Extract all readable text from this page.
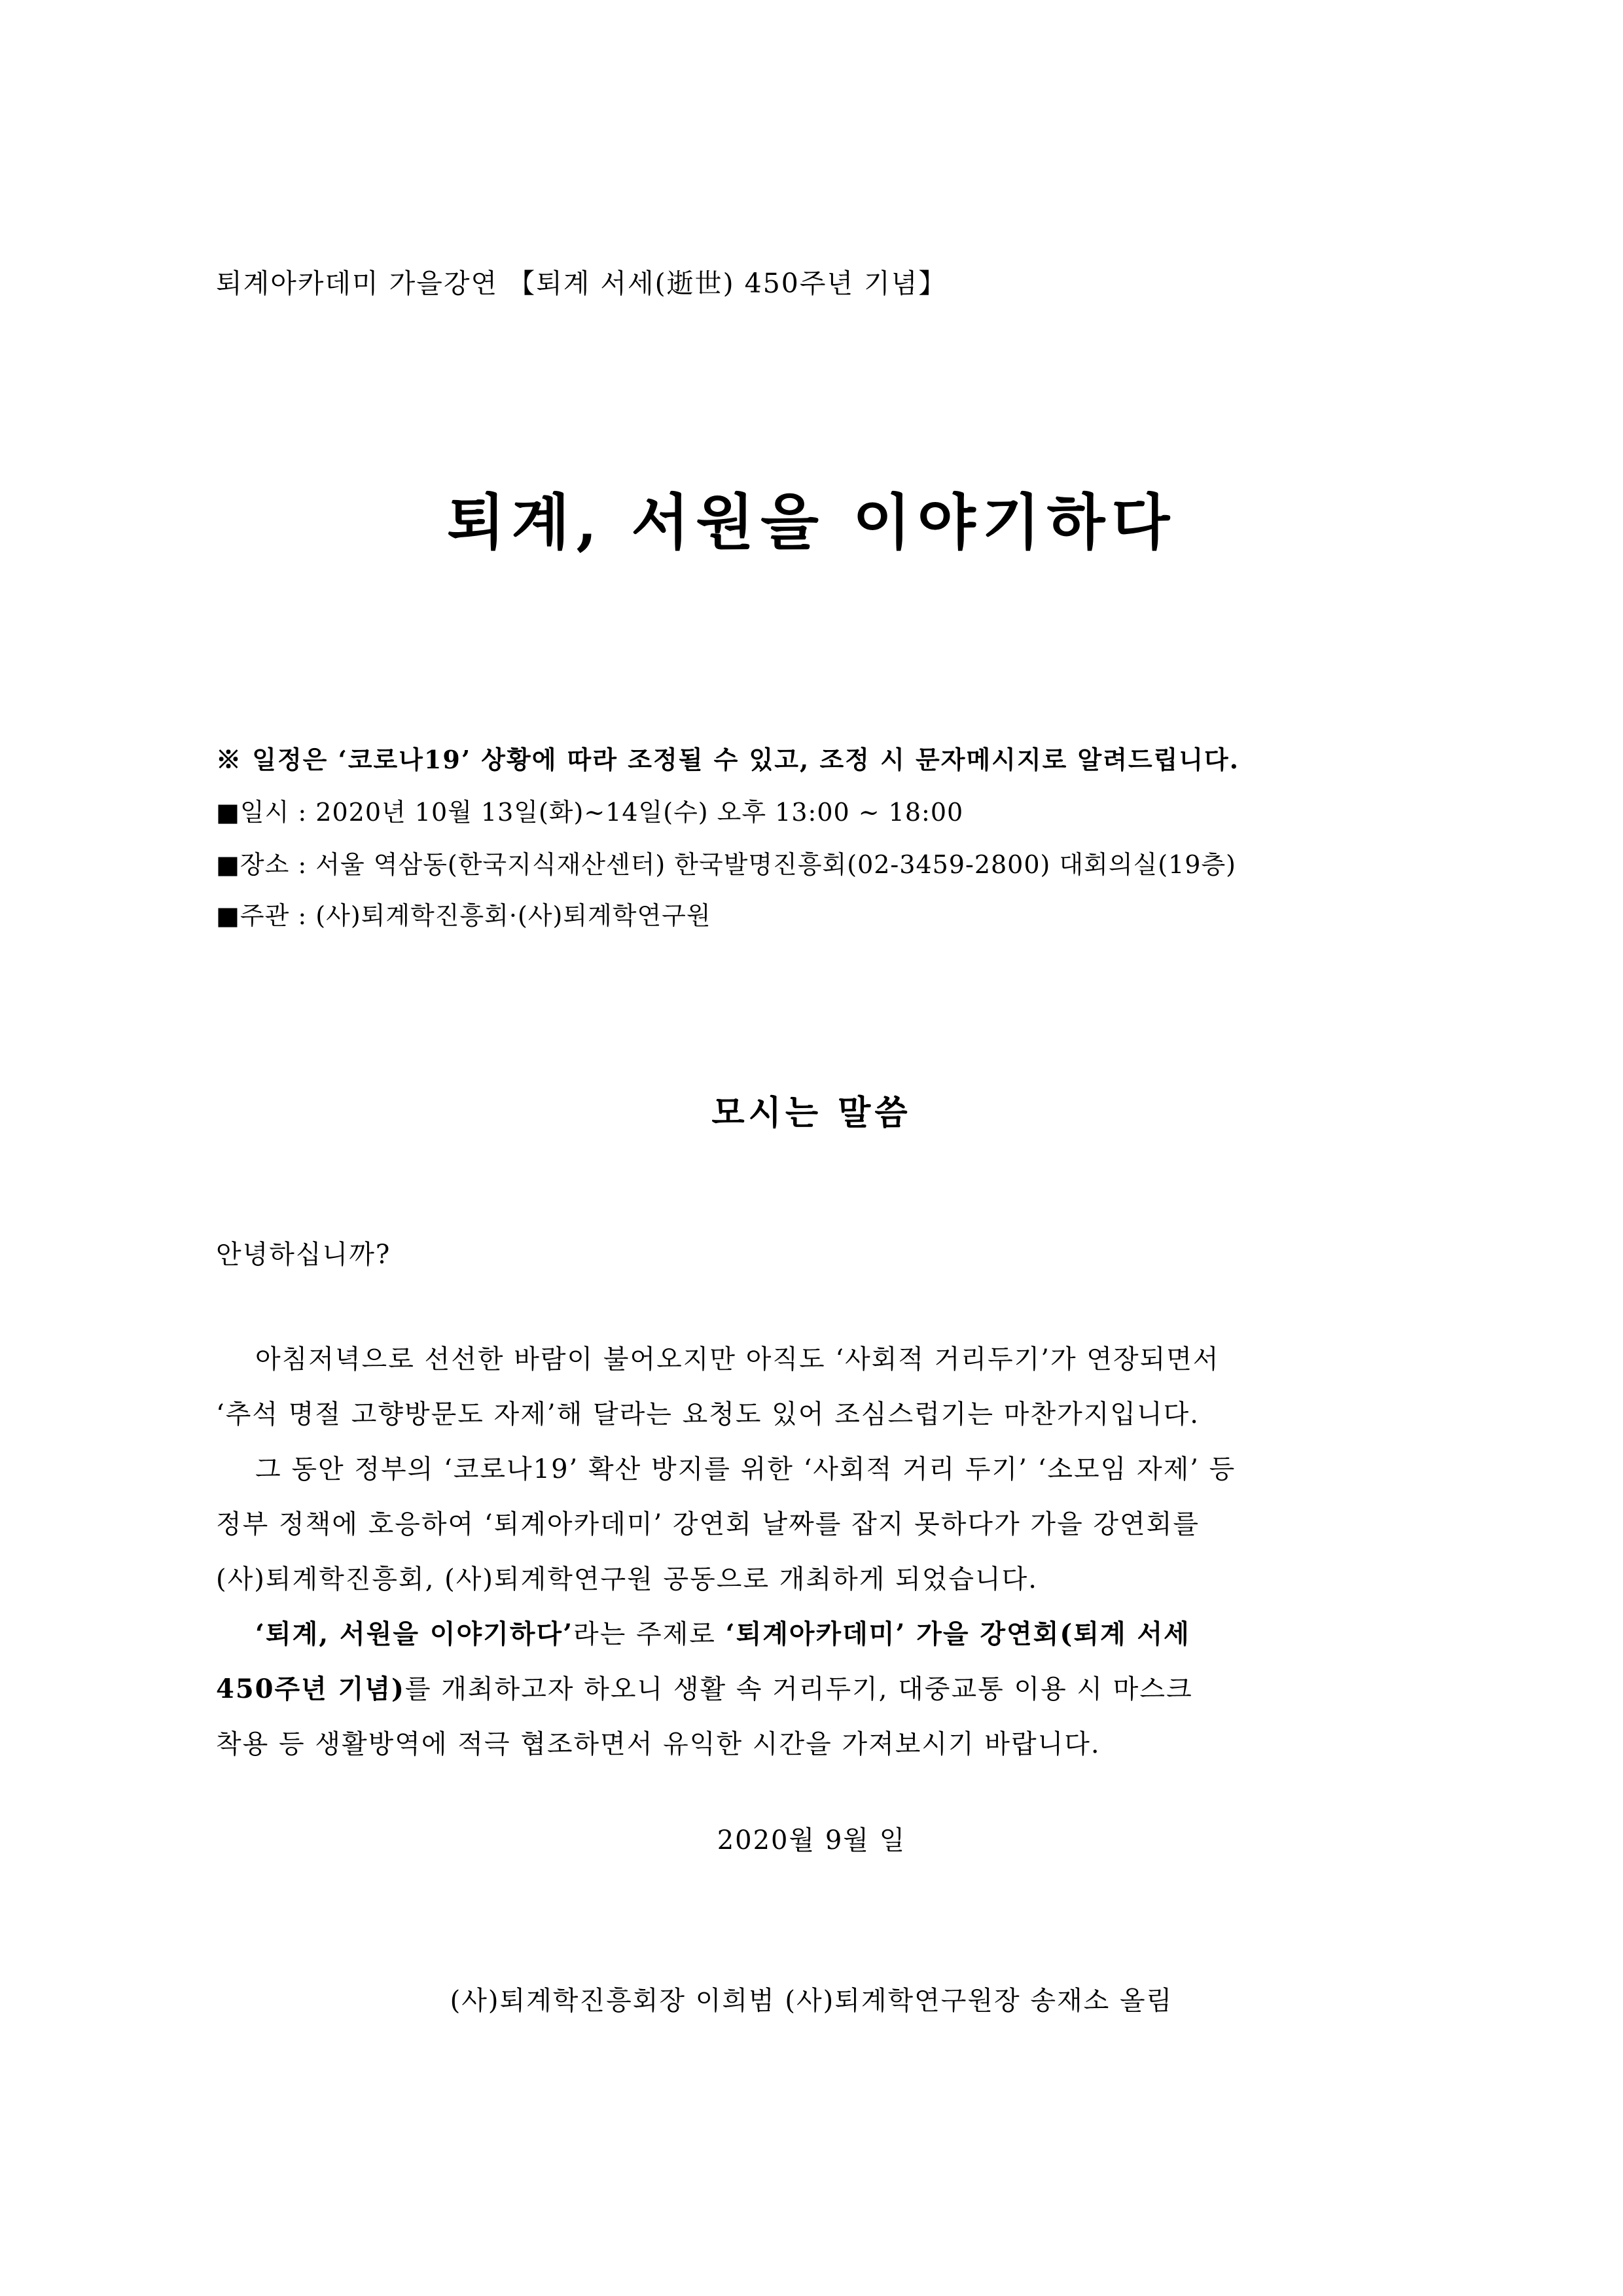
퇴계아카데미 가을강연 【퇴계 서세(逝世) 450주년 기념】
퇴계, 서원을 이야기하다
※ 일정은 ‘코로나19’ 상황에 따라 조정될 수 있고, 조정 시 문자메시지로 알려드립니다.
■일시 : 2020년 10월 13일(화)~14일(수) 오후 13:00 ~ 18:00
■장소 : 서울 역삼동(한국지식재산센터) 한국발명진흥회(02-3459-2800) 대회의실(19층)
■주관 : (사)퇴계학진흥회·(사)퇴계학연구원
모시는 말씀
안녕하십니까?
아침저녁으로 선선한 바람이 불어오지만 아직도 ‘사회적 거리두기’가 연장되면서
‘추석 명절 고향방문도 자제’해 달라는 요청도 있어 조심스럽기는 마찬가지입니다.
그 동안 정부의 ‘코로나19’ 확산 방지를 위한 ‘사회적 거리 두기’ ‘소모임 자제’ 등
정부 정책에 호응하여 ‘퇴계아카데미’ 강연회 날짜를 잡지 못하다가 가을 강연회를
(사)퇴계학진흥회, (사)퇴계학연구원 공동으로 개최하게 되었습니다.
‘퇴계, 서원을 이야기하다’라는 주제로 ‘퇴계아카데미’ 가을 강연회(퇴계 서세
450주년 기념)를 개최하고자 하오니 생활 속 거리두기, 대중교통 이용 시 마스크
착용 등 생활방역에 적극 협조하면서 유익한 시간을 가져보시기 바랍니다.
2020월 9월 일
(사)퇴계학진흥회장 이희범 (사)퇴계학연구원장 송재소 올림
